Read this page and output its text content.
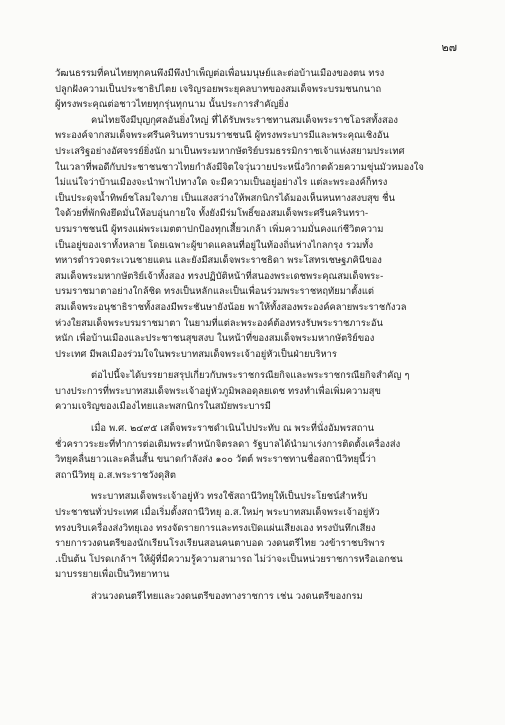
๒๗

วัฒนธรรมที่คนไทยทุกคนพึงมีพึงบำเพ็ญต่อเพื่อนมนุษย์และต่อบ้านเมืองของตน ทรง
ปลูกฝังความเป็นประชาธิปไตย เจริญรอยพระยุคลบาทของสมเด็จพระบรมชนกนาถ
ผู้ทรงพระคุณต่อชาวไทยทุกรุ่นทุกนาม นั้นประการสำคัญยิ่ง

คนไทยจึงมีบุญกุศลอันยิ่งใหญ่ ที่ได้รับพระราชทานสมเด็จพระราชโอรสทั้งสอง
พระองค์จากสมเด็จพระศรีนครินทราบรมราชชนนี ผู้ทรงพระบารมีและพระคุณเชิงอัน
ประเสริฐอย่างอัศจรรย์ยิ่งนัก มาเป็นพระมหากษัตริย์บรมธรรมิกราชเจ้าแห่งสยามประเทศ
ในเวลาที่พอดีกับประชาชนชาวไทยกำลังมีจิตใจวุ่นวายประหนึ่งวิกาตด้วยความขุ่นมัวหมองใจ
ไม่แน่ใจว่าบ้านเมืองจะนำพาไปทางใด จะมีความเป็นอยู่อย่างไร แต่ละพระองค์ก็ทรง
เป็นประดุจน้ำทิพย์ชโลมใจภาย เป็นแสงสว่างให้พสกนิกรได้มองเห็นหนทางสงบสุข ชื่น
ใจด้วยที่พักพิงยึดมั่นให้อบอุ่นกายใจ ทั้งยังมีร่มโพธิ์ของสมเด็จพระศรีนครินทรา-
บรมราชชนนี ผู้ทรงแผ่พระเมตตาปกป้องทุกเสี้ยวเกล้า เพิ่มความมั่นคงแก่ชีวิตความ
เป็นอยู่ของเราทั้งหลาย โดยเฉพาะผู้ขาดแคลนที่อยู่ในท้องถิ่นห่างไกลกรุง รวมทั้ง
ทหารตำรวจตระเวนชายแดน และยังมีสมเด็จพระราชธิดา พระโสทรเชษฐภคินีของ
สมเด็จพระมหากษัตริย์เจ้าทั้งสอง ทรงปฏิบัติหน้าที่สนองพระเดชพระคุณสมเด็จพระ-
บรมราชมาตาอย่างใกล้ชิด ทรงเป็นหลักและเป็นเพื่อนร่วมพระราชหฤทัยมาตั้งแต่
สมเด็จพระอนุชาธิราชทั้งสองมีพระชันษายังน้อย พาให้ทั้งสองพระองค์คลายพระราชกังวล
ห่วงใยสมเด็จพระบรมราชมาตา ในยามที่แต่ละพระองค์ต้องทรงรับพระราชภาระอัน
หนัก เพื่อบ้านเมืองและประชาชนสุขสงบ ในหน้าที่ของสมเด็จพระมหากษัตริย์ของ
ประเทศ มีพลเมืองร่วมใจในพระบาทสมเด็จพระเจ้าอยู่หัวเป็นฝ่ายบริหาร

ต่อไปนี้จะได้บรรยายสรุปเกี่ยวกับพระราชกรณียกิจและพระราชกรณียกิจสำคัญ ๆ
บางประการที่พระบาทสมเด็จพระเจ้าอยู่หัวภูมิพลอดุลยเดช ทรงทำเพื่อเพิ่มความสุข
ความเจริญของเมืองไทยและพสกนิกรในสมัยพระบารมี

เมื่อ พ.ศ. ๒๔๙๕ เสด็จพระราชดำเนินไปประทับ ณ พระที่นั่งอัมพรสถาน
ชั่วคราวระยะที่ทำการต่อเติมพระตำหนักจิตรลดา รัฐบาลได้นำมาเร่งการติดตั้งเครื่องส่ง
วิทยุคลื่นยาวและคลื่นสั้น ขนาดกำลังส่ง ๑๐๐ วัตต์ พระราชทานชื่อสถานีวิทยุนี้ว่า
สถานีวิทยุ อ.ส.พระราชวังดุสิต

พระบาทสมเด็จพระเจ้าอยู่หัว ทรงใช้สถานีวิทยุให้เป็นประโยชน์สำหรับ
ประชาชนทั่วประเทศ เมื่อเริ่มตั้งสถานีวิทยุ อ.ส.ใหม่ๆ พระบาทสมเด็จพระเจ้าอยู่หัว
ทรงบริบเครื่องส่งวิทยุเอง ทรงจัดรายการและทรงเปิดแผ่นเสียงเอง ทรงบันทึกเสียง
รายการวงดนตรีของนักเรียนโรงเรียนสอนคนตาบอด วงดนตรีไทย วงข้าราชบริพาร
.เป็นต้น โปรดเกล้าฯ ให้ผู้ที่มีความรู้ความสามารถ ไม่ว่าจะเป็นหน่วยราชการหรือเอกชน
มาบรรยายเพื่อเป็นวิทยาทาน

ส่วนวงดนตรีไทยและวงดนตรีของทางราชการ เช่น วงดนตรีของกรม
